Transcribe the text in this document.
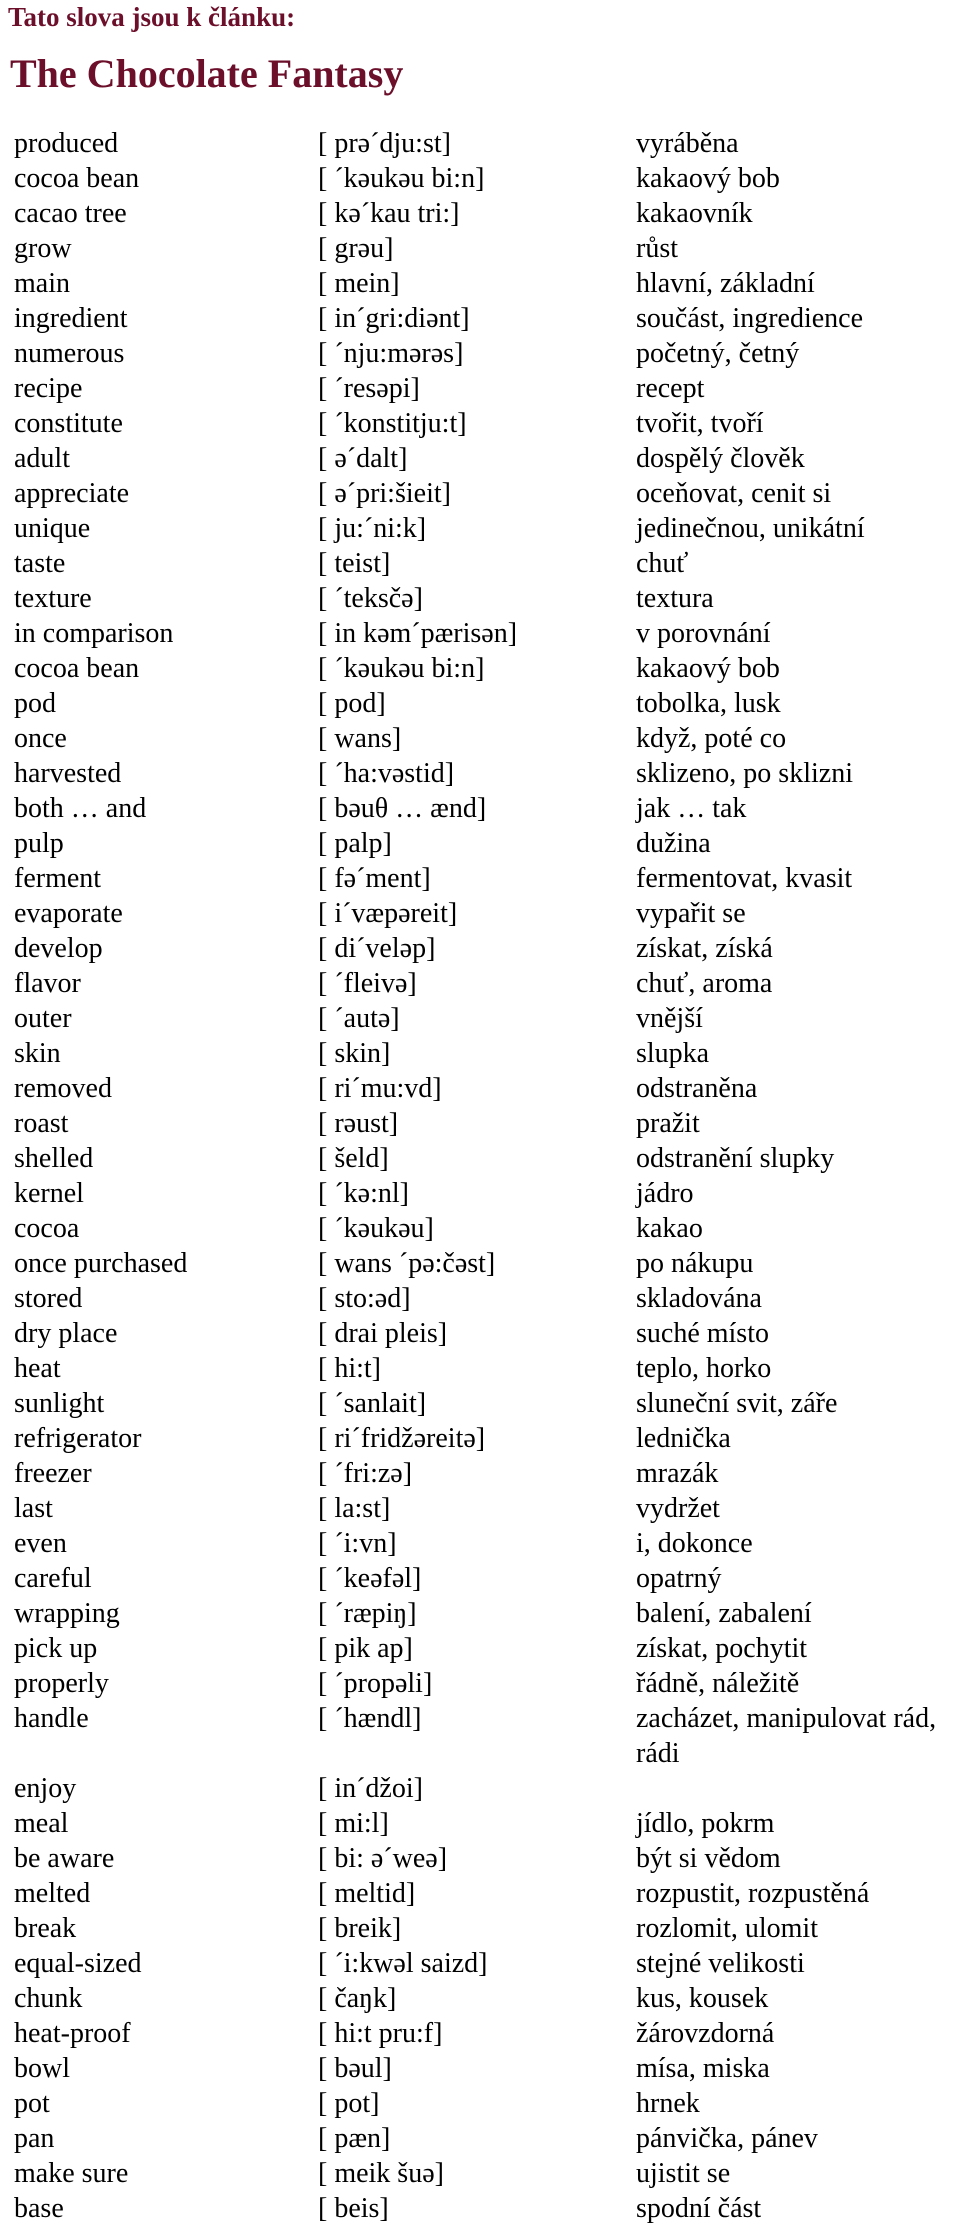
Tato slova jsou k článku:
The Chocolate Fantasy
produced	[ prə´dju:st]	vyráběna
cocoa bean	[ ´kəukəu bi:n]	kakaový bob
cacao tree	[ kə´kau tri:]	kakaovník
grow	[ grəu]	růst
main	[ mein]	hlavní, základní
ingredient	[ in´gri:diənt]	součást, ingredience
numerous	[ ´nju:mərəs]	početný, četný
recipe	[ ´resəpi]	recept
constitute	[ ´konstitju:t]	tvořit, tvoří
adult	[ ə´dalt]	dospělý člověk
appreciate	[ ə´pri:šieit]	oceňovat, cenit si
unique	[ ju:´ni:k]	jedinečnou, unikátní
taste	[ teist]	chuť
texture	[ ´teksčə]	textura
in comparison	[ in kəm´pærisən]	v porovnání
cocoa bean	[ ´kəukəu bi:n]	kakaový bob
pod	[ pod]	tobolka, lusk
once	[ wans]	když, poté co
harvested	[ ´ha:vəstid]	sklizeno, po sklizni
both … and	[ bəuθ … ænd]	jak … tak
pulp	[ palp]	dužina
ferment	[ fə´ment]	fermentovat, kvasit
evaporate	[ i´væpəreit]	vypařit se
develop	[ di´veləp]	získat, získá
flavor	[ ´fleivə]	chuť, aroma
outer	[ ´autə]	vnější
skin	[ skin]	slupka
removed	[ ri´mu:vd]	odstraněna
roast	[ rəust]	pražit
shelled	[ šeld]	odstranění slupky
kernel	[ ´kə:nl]	jádro
cocoa	[ ´kəukəu]	kakao
once purchased	[ wans ´pə:čəst]	po nákupu
stored	[ sto:əd]	skladována
dry place	[ drai pleis]	suché místo
heat	[ hi:t]	teplo, horko
sunlight	[ ´sanlait]	sluneční svit, záře
refrigerator	[ ri´fridžəreitə]	lednička
freezer	[ ´fri:zə]	mrazák
last	[ la:st]	vydržet
even	[ ´i:vn]	i, dokonce
careful	[ ´keəfəl]	opatrný
wrapping	[ ´ræpiŋ]	balení, zabalení
pick up	[ pik ap]	získat, pochytit
properly	[ ´propəli]	řádně, náležitě
handle	[ ´hændl]	zacházet, manipulovat rád, rádi
enjoy	[ in´džoi]
meal	[ mi:l]	jídlo, pokrm
be aware	[ bi: ə´weə]	být si vědom
melted	[ meltid]	rozpustit, rozpustěná
break	[ breik]	rozlomit, ulomit
equal-sized	[ ´i:kwəl saizd]	stejné velikosti
chunk	[ čaŋk]	kus, kousek
heat-proof	[ hi:t pru:f]	žárovzdorná
bowl	[ bəul]	mísa, miska
pot	[ pot]	hrnek
pan	[ pæn]	pánvička, pánev
make sure	[ meik šuə]	ujistit se
base	[ beis]	spodní část
